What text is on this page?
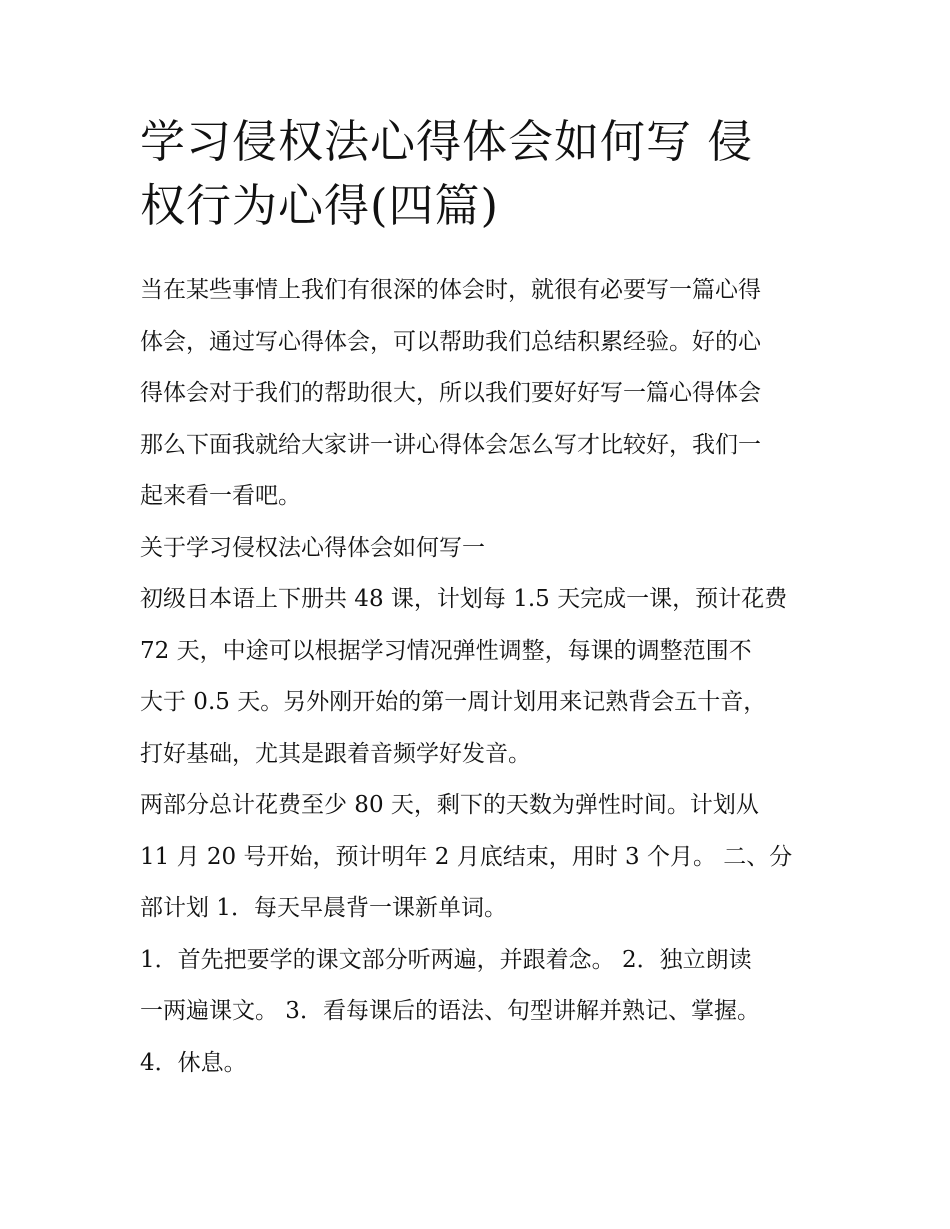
学习侵权法心得体会如何写 侵
权行为心得(四篇)

当在某些事情上我们有很深的体会时，就很有必要写一篇心得
体会，通过写心得体会，可以帮助我们总结积累经验。好的心
得体会对于我们的帮助很大，所以我们要好好写一篇心得体会
那么下面我就给大家讲一讲心得体会怎么写才比较好，我们一
起来看一看吧。

关于学习侵权法心得体会如何写一

初级日本语上下册共 48 课，计划每 1.5 天完成一课，预计花费
72 天，中途可以根据学习情况弹性调整，每课的调整范围不
大于 0.5 天。另外刚开始的第一周计划用来记熟背会五十音，
打好基础，尤其是跟着音频学好发音。

两部分总计花费至少 80 天，剩下的天数为弹性时间。计划从
11 月 20 号开始，预计明年 2 月底结束，用时 3 个月。 二、分
部计划 1．每天早晨背一课新单词。

1．首先把要学的课文部分听两遍，并跟着念。 2．独立朗读
一两遍课文。 3．看每课后的语法、句型讲解并熟记、掌握。
4．休息。
